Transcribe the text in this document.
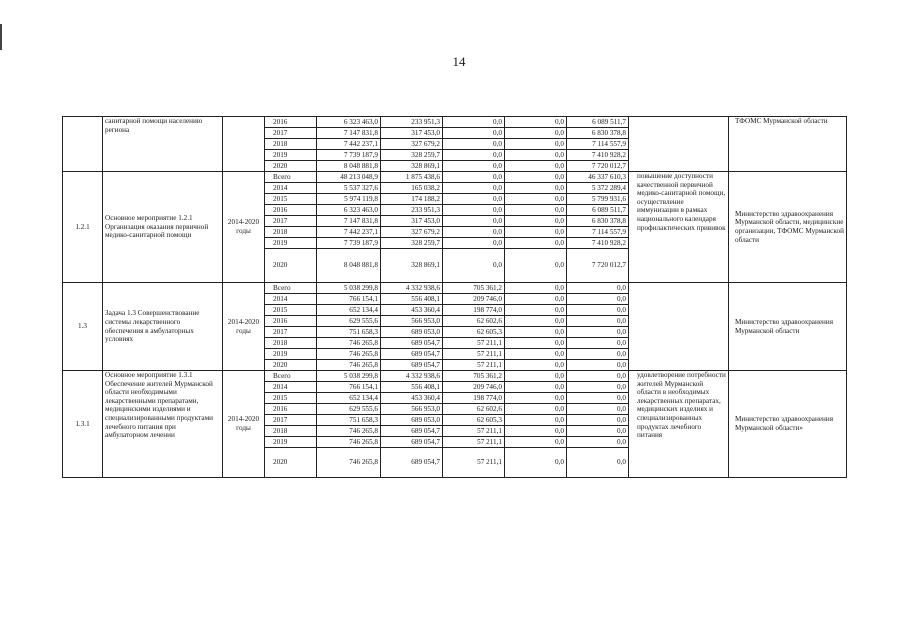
14
	санитарной помощи населению региона		2016	6 323 463,0	233 951,3	0,0	0,0	6 089 511,7		ТФОМС Мурманской области
			2017	7 147 831,8	317 453,0	0,0	0,0	6 830 378,8		
			2018	7 442 237,1	327 679,2	0,0	0,0	7 114 557,9		
			2019	7 739 187,9	328 259,7	0,0	0,0	7 410 928,2		
			2020	8 048 881,8	328 869,1	0,0	0,0	7 720 012,7		
1.2.1	Основное мероприятие 1.2.1 Организация оказания первичной медико-санитарной помощи	2014-2020 годы	Всего	48 213 048,9	1 875 438,6	0,0	0,0	46 337 610,3	повышение доступности качественной первичной медико-санитарной помощи, осуществление иммунизации в рамках национального календаря профилактических прививок	Министерство здравоохранения Мурманской области, медицинские организации, ТФОМС Мурманской области
			2014	5 537 327,6	165 038,2	0,0	0,0	5 372 289,4		
			2015	5 974 119,8	174 188,2	0,0	0,0	5 799 931,6		
			2016	6 323 463,0	233 951,3	0,0	0,0	6 089 511,7		
			2017	7 147 831,8	317 453,0	0,0	0,0	6 830 378,8		
			2018	7 442 237,1	327 679,2	0,0	0,0	7 114 557,9		
			2019	7 739 187,9	328 259,7	0,0	0,0	7 410 928,2		
			2020	8 048 881,8	328 869,1	0,0	0,0	7 720 012,7		
1.3	Задача 1.3 Совершенствование системы лекарственного обеспечения в амбулаторных условиях	2014-2020 годы	Всего	5 038 299,8	4 332 938,6	705 361,2	0,0	0,0		Министерство здравоохранения Мурманской области
			2014	766 154,1	556 408,1	209 746,0	0,0	0,0		
			2015	652 134,4	453 360,4	198 774,0	0,0	0,0		
			2016	629 555,6	566 953,0	62 602,6	0,0	0,0		
			2017	751 658,3	689 053,0	62 605,3	0,0	0,0		
			2018	746 265,8	689 054,7	57 211,1	0,0	0,0		
			2019	746 265,8	689 054,7	57 211,1	0,0	0,0		
			2020	746 265,8	689 054,7	57 211,1	0,0	0,0		
1.3.1	Основное мероприятие 1.3.1 Обеспечение жителей Мурманской области необходимыми лекарственными препаратами, медицинскими изделиями и специализированными продуктами лечебного питания при амбулаторном лечении	2014-2020 годы	Всего	5 038 299,8	4 332 938,6	705 361,2	0,0	0,0	удовлетворение потребности жителей Мурманской области в необходимых лекарственных препаратах, медицинских изделиях и специализированных продуктах лечебного питания	Министерство здравоохранения Мурманской области»
			2014	766 154,1	556 408,1	209 746,0	0,0	0,0		
			2015	652 134,4	453 360,4	198 774,0	0,0	0,0		
			2016	629 555,6	566 953,0	62 602,6	0,0	0,0		
			2017	751 658,3	689 053,0	62 605,3	0,0	0,0		
			2018	746 265,8	689 054,7	57 211,1	0,0	0,0		
			2019	746 265,8	689 054,7	57 211,1	0,0	0,0		
			2020	746 265,8	689 054,7	57 211,1	0,0	0,0		
